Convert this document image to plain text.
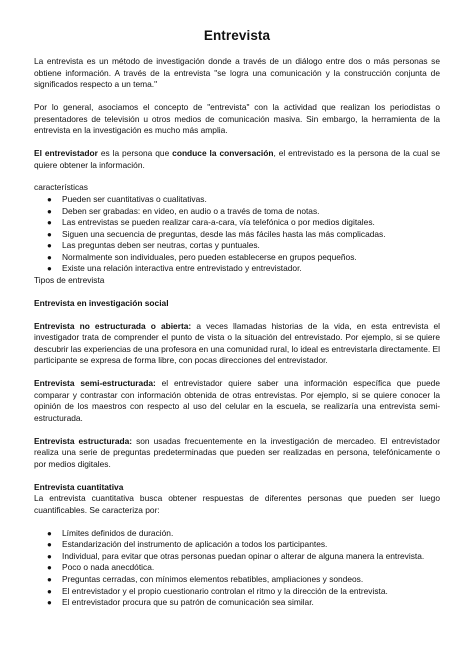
Entrevista

La entrevista es un método de investigación donde a través de un diálogo entre dos o más personas se obtiene información. A través de la entrevista "se logra una comunicación y la construcción conjunta de significados respecto a un tema."

Por lo general, asociamos el concepto de "entrevista" con la actividad que realizan los periodistas o presentadores de televisión u otros medios de comunicación masiva. Sin embargo, la herramienta de la entrevista en la investigación es mucho más amplia.

El entrevistador es la persona que conduce la conversación, el entrevistado es la persona de la cual se quiere obtener la información.

características

● Pueden ser cuantitativas o cualitativas.
● Deben ser grabadas: en video, en audio o a través de toma de notas.
● Las entrevistas se pueden realizar cara-a-cara, vía telefónica o por medios digitales.
● Siguen una secuencia de preguntas, desde las más fáciles hasta las más complicadas.
● Las preguntas deben ser neutras, cortas y puntuales.
● Normalmente son individuales, pero pueden establecerse en grupos pequeños.
● Existe una relación interactiva entre entrevistado y entrevistador.

Tipos de entrevista

Entrevista en investigación social

Entrevista no estructurada o abierta: a veces llamadas historias de la vida, en esta entrevista el investigador trata de comprender el punto de vista o la situación del entrevistado. Por ejemplo, si se quiere descubrir las experiencias de una profesora en una comunidad rural, lo ideal es entrevistarla directamente. El participante se expresa de forma libre, con pocas direcciones del entrevistador.

Entrevista semi-estructurada: el entrevistador quiere saber una información específica que puede comparar y contrastar con información obtenida de otras entrevistas. Por ejemplo, si se quiere conocer la opinión de los maestros con respecto al uso del celular en la escuela, se realizaría una entrevista semi-estructurada.

Entrevista estructurada: son usadas frecuentemente en la investigación de mercadeo. El entrevistador realiza una serie de preguntas predeterminadas que pueden ser realizadas en persona, telefónicamente o por medios digitales.

Entrevista cuantitativa

La entrevista cuantitativa busca obtener respuestas de diferentes personas que pueden ser luego cuantificables. Se caracteriza por:

● Límites definidos de duración.
● Estandarización del instrumento de aplicación a todos los participantes.
● Individual, para evitar que otras personas puedan opinar o alterar de alguna manera la entrevista.
● Poco o nada anecdótica.
● Preguntas cerradas, con mínimos elementos rebatibles, ampliaciones y sondeos.
● El entrevistador y el propio cuestionario controlan el ritmo y la dirección de la entrevista.
● El entrevistador procura que su patrón de comunicación sea similar.
